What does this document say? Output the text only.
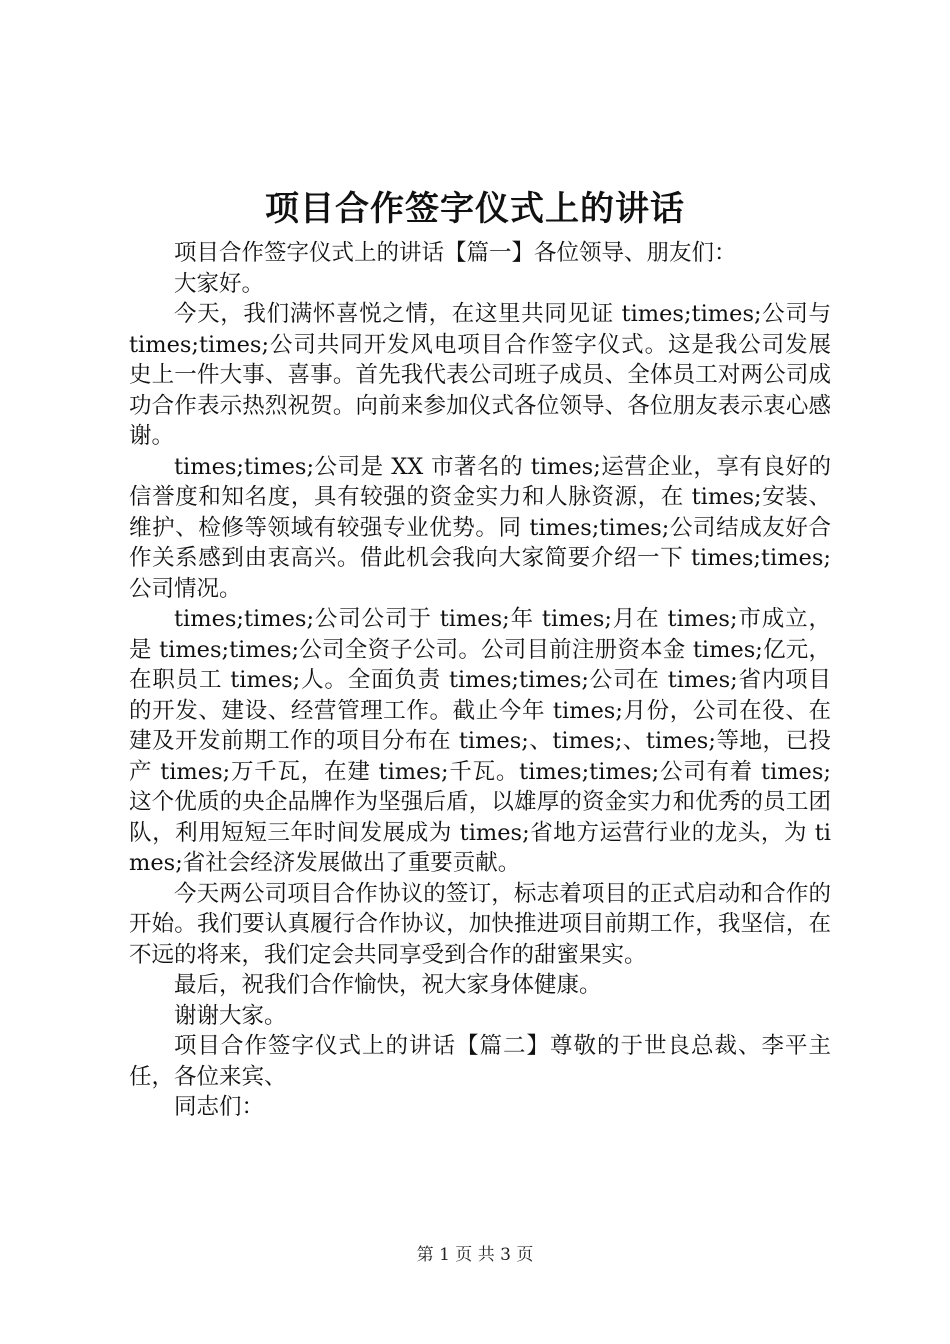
项目合作签字仪式上的讲话

项目合作签字仪式上的讲话【篇一】各位领导、朋友们：

大家好。

今天，我们满怀喜悦之情，在这里共同见证 times;times;公司与 times;times;公司共同开发风电项目合作签字仪式。这是我公司发展史上一件大事、喜事。首先我代表公司班子成员、全体员工对两公司成功合作表示热烈祝贺。向前来参加仪式各位领导、各位朋友表示衷心感谢。

times;times;公司是 XX 市著名的 times;运营企业，享有良好的信誉度和知名度，具有较强的资金实力和人脉资源，在 times;安装、维护、检修等领域有较强专业优势。同 times;times;公司结成友好合作关系感到由衷高兴。借此机会我向大家简要介绍一下 times;times;公司情况。

times;times;公司公司于 times;年 times;月在 times;市成立，是 times;times;公司全资子公司。公司目前注册资本金 times;亿元，在职员工 times;人。全面负责 times;times;公司在 times;省内项目的开发、建设、经营管理工作。截止今年 times;月份，公司在役、在建及开发前期工作的项目分布在 times;、times;、times;等地，已投产 times;万千瓦，在建 times;千瓦。times;times;公司有着 times;这个优质的央企品牌作为坚强后盾，以雄厚的资金实力和优秀的员工团队，利用短短三年时间发展成为 times;省地方运营行业的龙头，为 times;省社会经济发展做出了重要贡献。

今天两公司项目合作协议的签订，标志着项目的正式启动和合作的开始。我们要认真履行合作协议，加快推进项目前期工作，我坚信，在不远的将来，我们定会共同享受到合作的甜蜜果实。

最后，祝我们合作愉快，祝大家身体健康。

谢谢大家。

项目合作签字仪式上的讲话【篇二】尊敬的于世良总裁、李平主任，各位来宾、

同志们：

第 1 页 共 3 页
